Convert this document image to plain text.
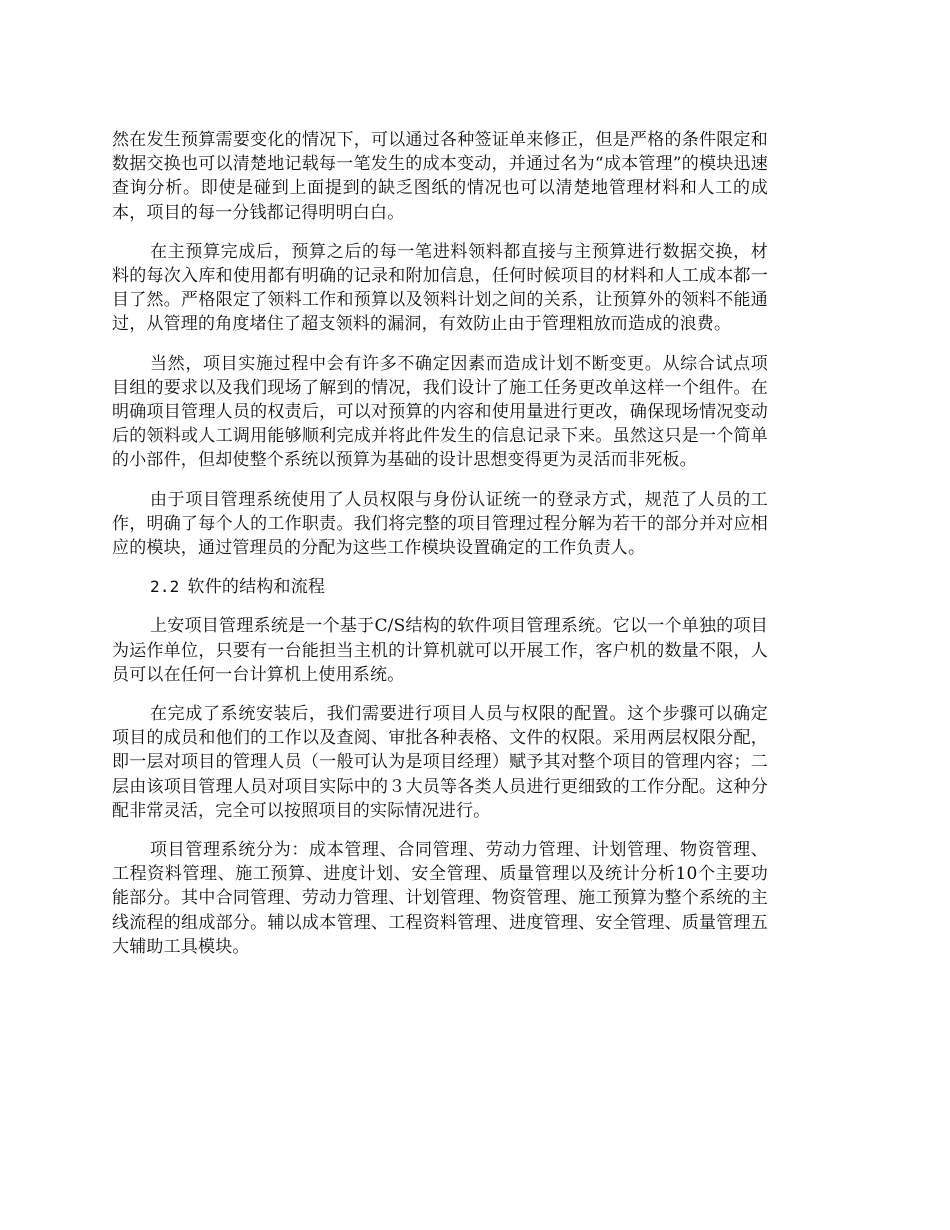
然在发生预算需要变化的情况下，可以通过各种签证单来修正，但是严格的条件限定和数据交换也可以清楚地记载每一笔发生的成本变动，并通过名为“成本管理”的模块迅速查询分析。即使是碰到上面提到的缺乏图纸的情况也可以清楚地管理材料和人工的成本，项目的每一分钱都记得明明白白。

在主预算完成后，预算之后的每一笔进料领料都直接与主预算进行数据交换，材料的每次入库和使用都有明确的记录和附加信息，任何时候项目的材料和人工成本都一目了然。严格限定了领料工作和预算以及领料计划之间的关系，让预算外的领料不能通过，从管理的角度堵住了超支领料的漏洞，有效防止由于管理粗放而造成的浪费。

当然，项目实施过程中会有许多不确定因素而造成计划不断变更。从综合试点项目组的要求以及我们现场了解到的情况，我们设计了施工任务更改单这样一个组件。在明确项目管理人员的权责后，可以对预算的内容和使用量进行更改，确保现场情况变动后的领料或人工调用能够顺利完成并将此件发生的信息记录下来。虽然这只是一个简单的小部件，但却使整个系统以预算为基础的设计思想变得更为灵活而非死板。

由于项目管理系统使用了人员权限与身份认证统一的登录方式，规范了人员的工作，明确了每个人的工作职责。我们将完整的项目管理过程分解为若干的部分并对应相应的模块，通过管理员的分配为这些工作模块设置确定的工作负责人。

2.2 软件的结构和流程

上安项目管理系统是一个基于C/S结构的软件项目管理系统。它以一个单独的项目为运作单位，只要有一台能担当主机的计算机就可以开展工作，客户机的数量不限，人员可以在任何一台计算机上使用系统。

在完成了系统安装后，我们需要进行项目人员与权限的配置。这个步骤可以确定项目的成员和他们的工作以及查阅、审批各种表格、文件的权限。采用两层权限分配，即一层对项目的管理人员（一般可认为是项目经理）赋予其对整个项目的管理内容；二层由该项目管理人员对项目实际中的３大员等各类人员进行更细致的工作分配。这种分配非常灵活，完全可以按照项目的实际情况进行。

项目管理系统分为：成本管理、合同管理、劳动力管理、计划管理、物资管理、工程资料管理、施工预算、进度计划、安全管理、质量管理以及统计分析10个主要功能部分。其中合同管理、劳动力管理、计划管理、物资管理、施工预算为整个系统的主线流程的组成部分。辅以成本管理、工程资料管理、进度管理、安全管理、质量管理五大辅助工具模块。
